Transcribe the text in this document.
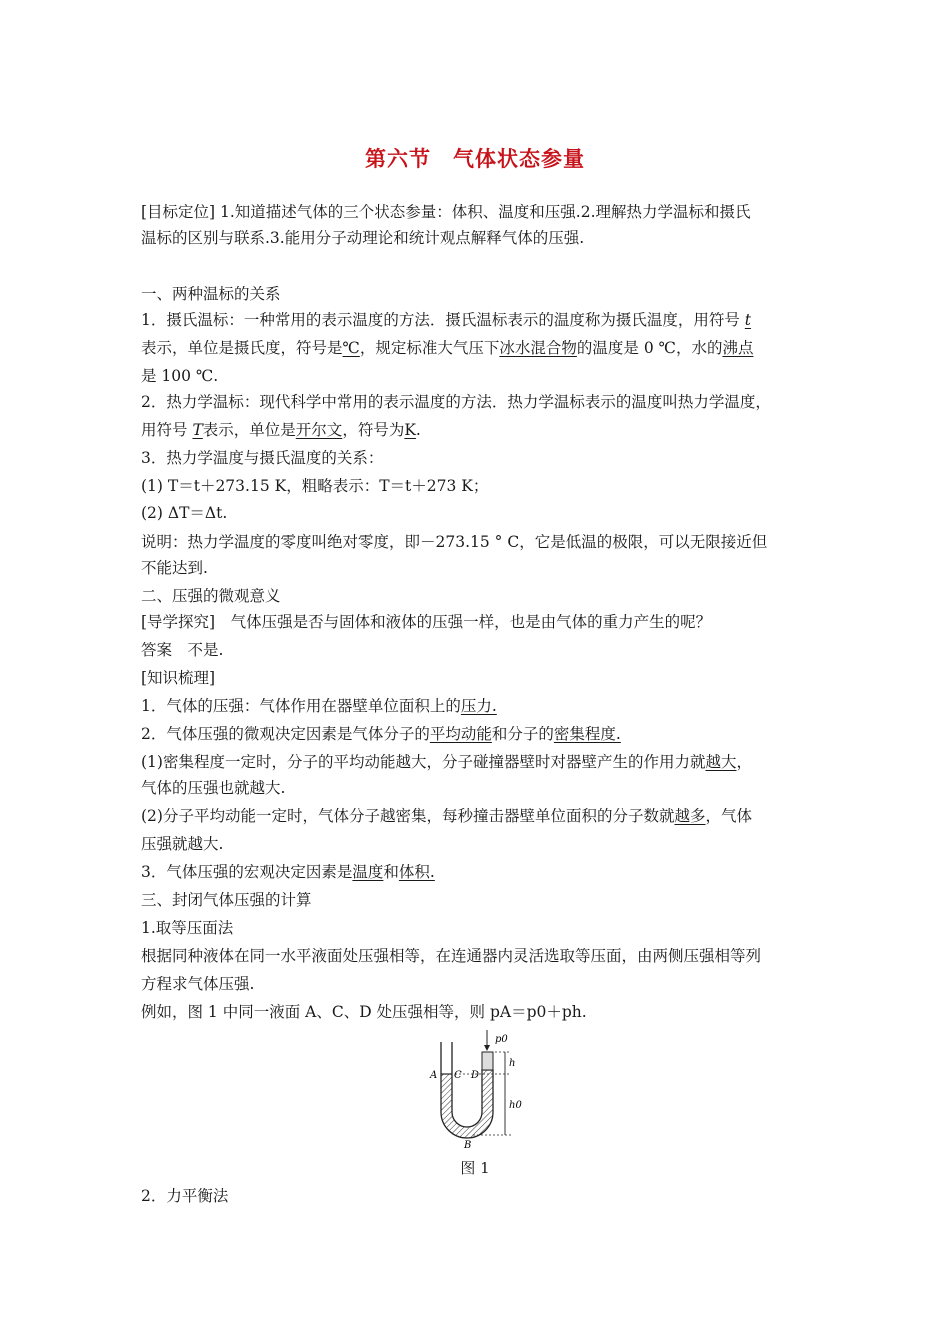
第六节 气体状态参量
[目标定位] 1.知道描述气体的三个状态参量：体积、温度和压强.2.理解热力学温标和摄氏
温标的区别与联系.3.能用分子动理论和统计观点解释气体的压强.
一、两种温标的关系
1．摄氏温标：一种常用的表示温度的方法．摄氏温标表示的温度称为摄氏温度，用符号 t
表示，单位是摄氏度，符号是℃，规定标准大气压下冰水混合物的温度是 0 ℃，水的沸点
是 100 ℃.
2．热力学温标：现代科学中常用的表示温度的方法．热力学温标表示的温度叫热力学温度，
用符号 T表示，单位是开尔文，符号为K.
3．热力学温度与摄氏温度的关系：
(1) T＝t＋273.15 K，粗略表示：T＝t＋273 K；
(2) ΔT＝Δt.
说明：热力学温度的零度叫绝对零度，即－273.15 ° C，它是低温的极限，可以无限接近但
不能达到.
二、压强的微观意义
[导学探究]　气体压强是否与固体和液体的压强一样，也是由气体的重力产生的呢？
答案　不是.
[知识梳理]
1．气体的压强：气体作用在器壁单位面积上的压力.
2．气体压强的微观决定因素是气体分子的平均动能和分子的密集程度.
(1)密集程度一定时，分子的平均动能越大，分子碰撞器壁时对器壁产生的作用力就越大，
气体的压强也就越大.
(2)分子平均动能一定时，气体分子越密集，每秒撞击器壁单位面积的分子数就越多，气体
压强就越大.
3．气体压强的宏观决定因素是温度和体积.
三、封闭气体压强的计算
1.取等压面法
根据同种液体在同一水平液面处压强相等，在连通器内灵活选取等压面，由两侧压强相等列
方程求气体压强.
例如，图 1 中同一液面 A、C、D 处压强相等，则 pA＝p0＋ph.
A C D
B
p0
h
h0
图 1
2．力平衡法
